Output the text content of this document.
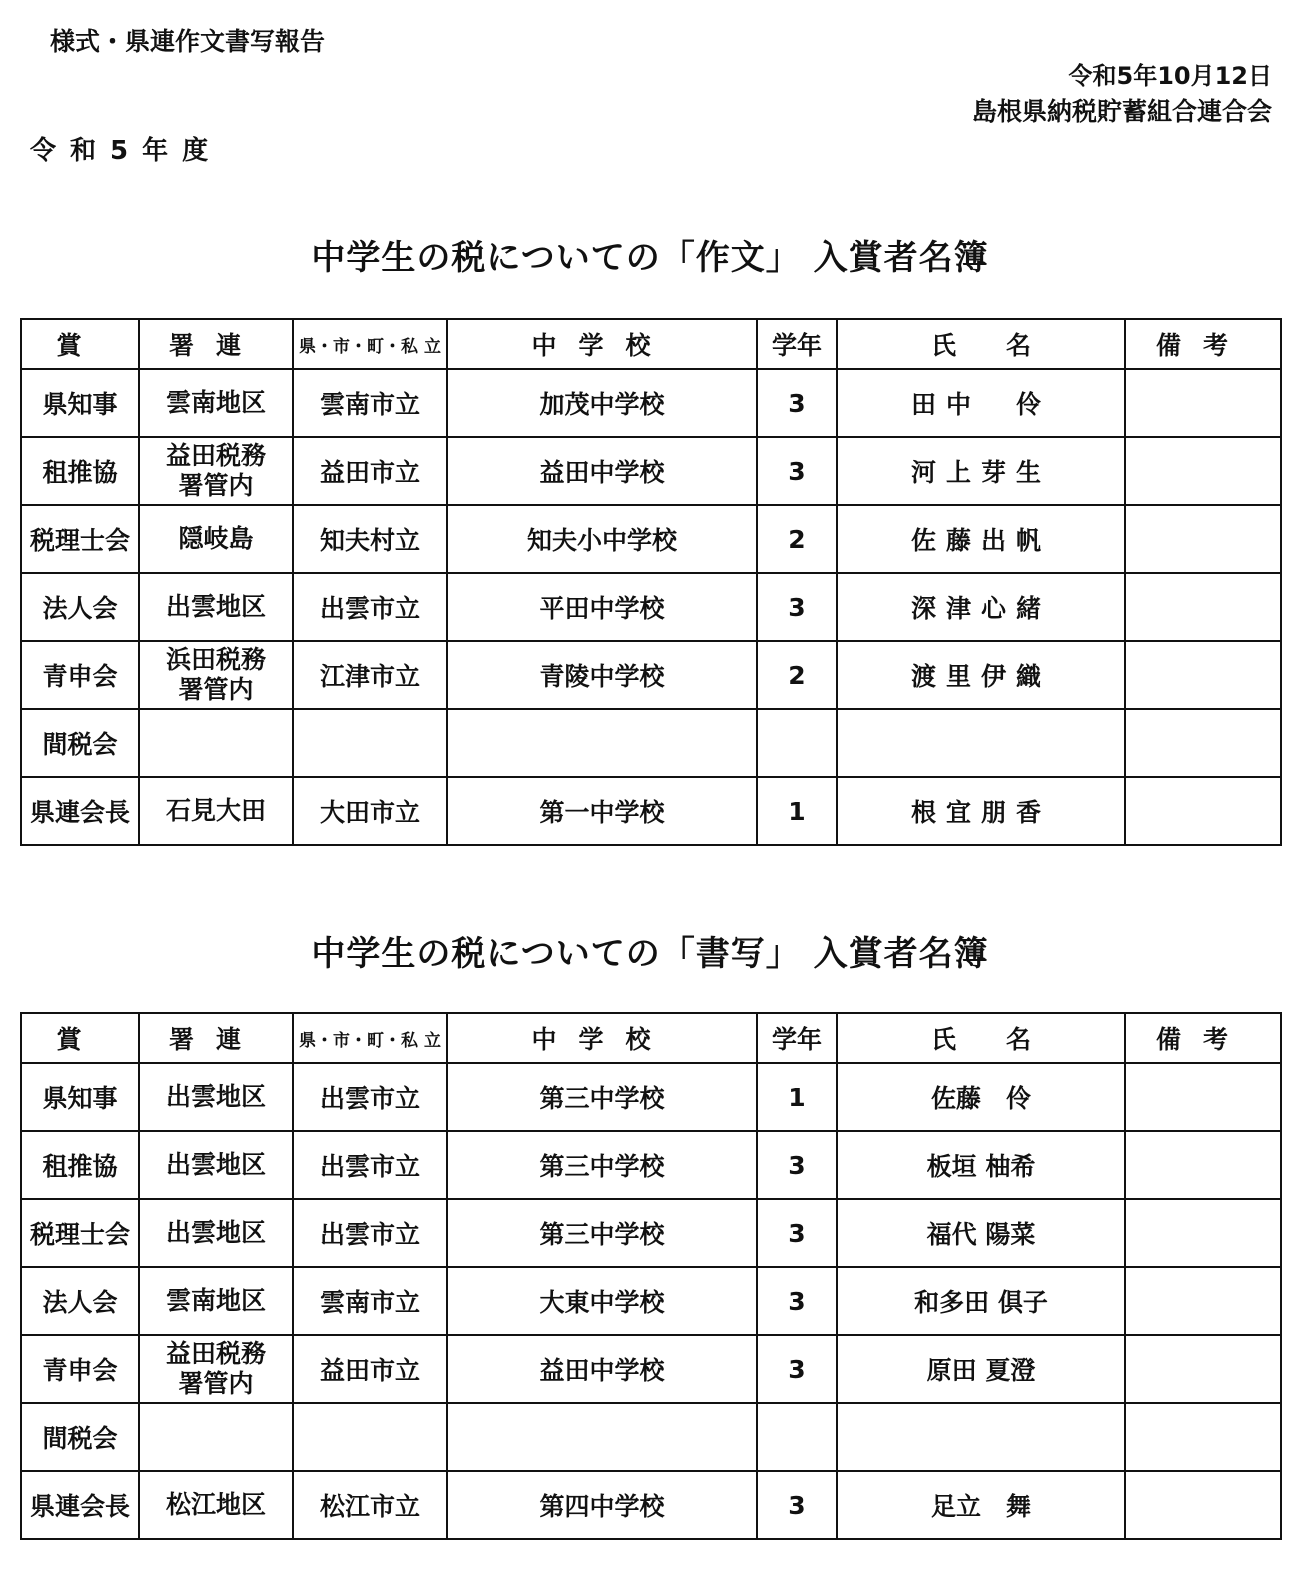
様式・県連作文書写報告
令和5年10月12日
島根県納税貯蓄組合連合会
令和5年度
中学生の税についての「作文」 入賞者名簿
賞	署連	県・市・町・私 立	中学校	学年	氏　　名	備考
県知事	雲南地区	雲南市立	加茂中学校	3	田中　伶	
租推協	益田税務署管内	益田市立	益田中学校	3	河上芽生	
税理士会	隠岐島	知夫村立	知夫小中学校	2	佐藤出帆	
法人会	出雲地区	出雲市立	平田中学校	3	深津心緒	
青申会	浜田税務署管内	江津市立	青陵中学校	2	渡里伊織	
間税会						
県連会長	石見大田	大田市立	第一中学校	1	根宜朋香	
中学生の税についての「書写」 入賞者名簿
賞	署連	県・市・町・私 立	中学校	学年	氏　　名	備考
県知事	出雲地区	出雲市立	第三中学校	1	佐藤　伶	
租推協	出雲地区	出雲市立	第三中学校	3	板垣 柚希	
税理士会	出雲地区	出雲市立	第三中学校	3	福代 陽菜	
法人会	雲南地区	雲南市立	大東中学校	3	和多田 倶子	
青申会	益田税務署管内	益田市立	益田中学校	3	原田 夏澄	
間税会						
県連会長	松江地区	松江市立	第四中学校	3	足立　舞	
